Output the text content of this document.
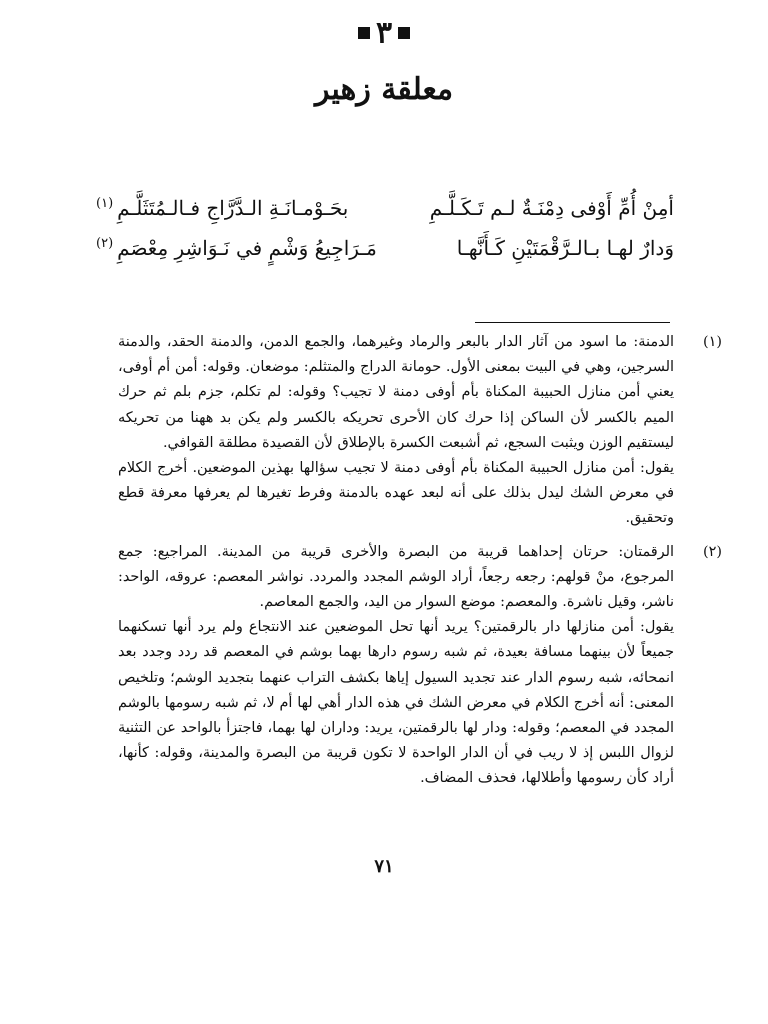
٣
معلقة زهير
أمِنْ أُمِّ أَوْفى دِمْنَـةٌ لـم تَـكَـلَّـمِ
بحَـوْمـانَـةِ الـدَّرَّاجِ فـالـمُتَثَلَّـمِ$^{(١)}$
وَدارٌ لهـا بـالـرَّقْمَتَيْنِ كَـأَنَّهـا
مَـرَاجِيعُ وَشْمٍ في نَـوَاشِرِ مِعْصَمِ$^{(٢)}$
(١)

الدمنة: ما اسود من آثار الدار بالبعر والرماد وغيرهما، والجمع الدمن، والدمنة الحقد، والدمنة السرجين، وهي في البيت بمعنى الأول. حومانة الدراج والمتثلم: موضعان. وقوله: أمن أم أوفى، يعني أمن منازل الحبيبة المكناة بأم أوفى دمنة لا تجيب؟ وقوله: لم تكلم، جزم بلم ثم حرك الميم بالكسر لأن الساكن إذا حرك كان الأحرى تحريكه بالكسر ولم يكن بد ههنا من تحريكه ليستقيم الوزن ويثبت السجع، ثم أشبعت الكسرة بالإطلاق لأن القصيدة مطلقة القوافي.

يقول: أمن منازل الحبيبة المكناة بأم أوفى دمنة لا تجيب سؤالها بهذين الموضعين. أخرج الكلام في معرض الشك ليدل بذلك على أنه لبعد عهده بالدمنة وفرط تغيرها لم يعرفها معرفة قطع وتحقيق.

(٢)

الرقمتان: حرتان إحداهما قريبة من البصرة والأخرى قريبة من المدينة. المراجيع: جمع المرجوع، منْ قولهم: رجعه رجعاً، أراد الوشم المجدد والمردد. نواشر المعصم: عروقه، الواحد: ناشر، وقيل ناشرة. والمعصم: موضع السوار من اليد، والجمع المعاصم.

يقول: أمن منازلها دار بالرقمتين؟ يريد أنها تحل الموضعين عند الانتجاع ولم يرد أنها تسكنهما جميعاً لأن بينهما مسافة بعيدة، ثم شبه رسوم دارها بهما بوشم في المعصم قد ردد وجدد بعد انمحائه، شبه رسوم الدار عند تجديد السيول إياها بكشف التراب عنهما بتجديد الوشم؛ وتلخيص المعنى: أنه أخرج الكلام في معرض الشك في هذه الدار أهي لها أم لا، ثم شبه رسومها بالوشم المجدد في المعصم؛ وقوله: ودار لها بالرقمتين، يريد: وداران لها بهما، فاجتزأ بالواحد عن التثنية لزوال اللبس إذ لا ريب في أن الدار الواحدة لا تكون قريبة من البصرة والمدينة، وقوله: كأنها، أراد كأن رسومها وأطلالها، فحذف المضاف.

٧١
